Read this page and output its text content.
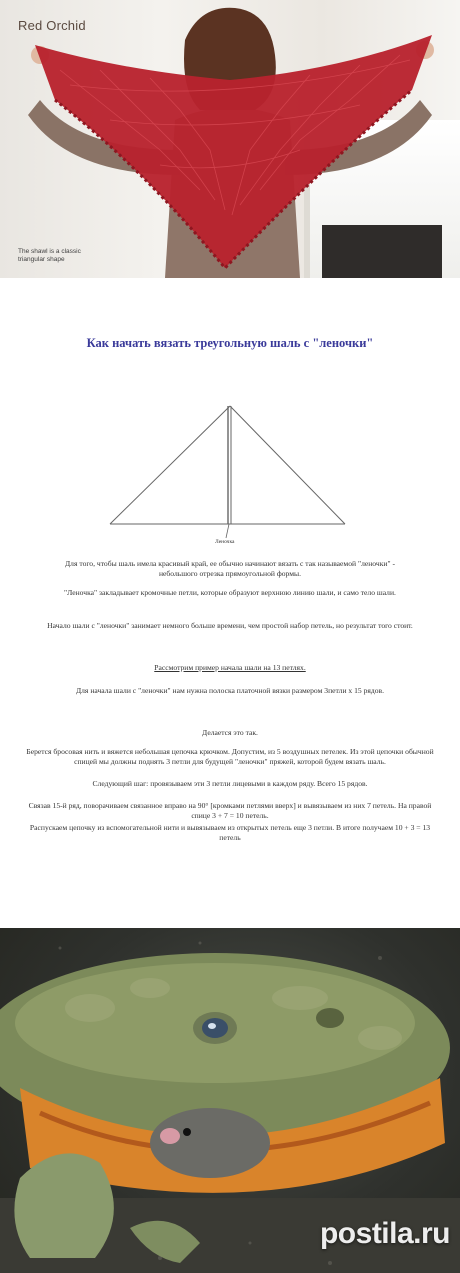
Red Orchid
The shawl is a classic triangular shape
Как начать вязать треугольную шаль с "леночки"

Леночка

Для того, чтобы шаль имела красивый край, ее обычно начинают вязать с так называемой "леночки" - небольшого отрезка прямоугольной формы.

"Леночка" закладывает кромочные петли, которые образуют верхнюю линию шали, и само тело шали.

Начало шали с "леночки" занимает немного больше времени, чем простой набор петель, но результат того стоит.

Рассмотрим пример начала шали на 13 петлях.

Для начала шали с "леночки" нам нужна полоска платочной вязки размером 3петли х 15 рядов.

Делается это так.

Берется бросовая нить и вяжется небольшая цепочка крючком. Допустим, из 5 воздушных петелек. Из этой цепочки обычной спицей мы должны поднять 3 петли для будущей "леночки" пряжей, которой будем вязать шаль.

Следующий шаг: провязываем эти 3 петли лицевыми в каждом ряду. Всего 15 рядов.

Связав 15-й ряд, поворачиваем связанное вправо на 90° [кромками петлями вверх] и вывязываем из них 7 петель. На правой спице 3 + 7 = 10 петель.

Распускаем цепочку из вспомогательной нити и вывязываем из открытых петель еще 3 петли. В итоге получаем 10 + 3 = 13 петель

postila.ru
